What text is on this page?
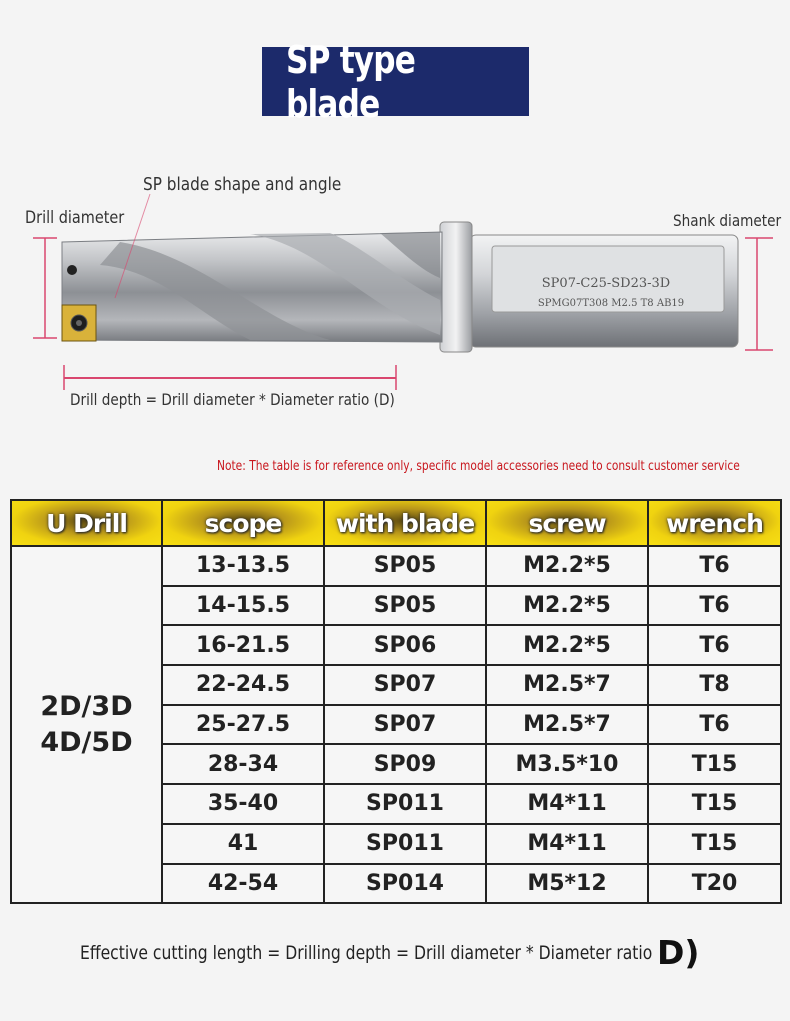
SP type blade
SP07-C25-SD23-3D
SPMG07T308 M2.5 T8 AB19
SP blade shape and angle
Drill diameter	Shank diameter
Drill depth = Drill diameter * Diameter ratio (D)
Note: The table is for reference only, specific model accessories need to consult customer service
U Drill	scope	with blade	screw	wrench

2D/3D
4D/5D	13-13.5	SP05	M2.2*5	T6
	14-15.5	SP05	M2.2*5	T6
	16-21.5	SP06	M2.2*5	T6
	22-24.5	SP07	M2.5*7	T8
	25-27.5	SP07	M2.5*7	T6
	28-34	SP09	M3.5*10	T15
	35-40	SP011	M4*11	T15
	41	SP011	M4*11	T15
	42-54	SP014	M5*12	T20
Effective cutting length = Drilling depth = Drill diameter * Diameter ratio D)
